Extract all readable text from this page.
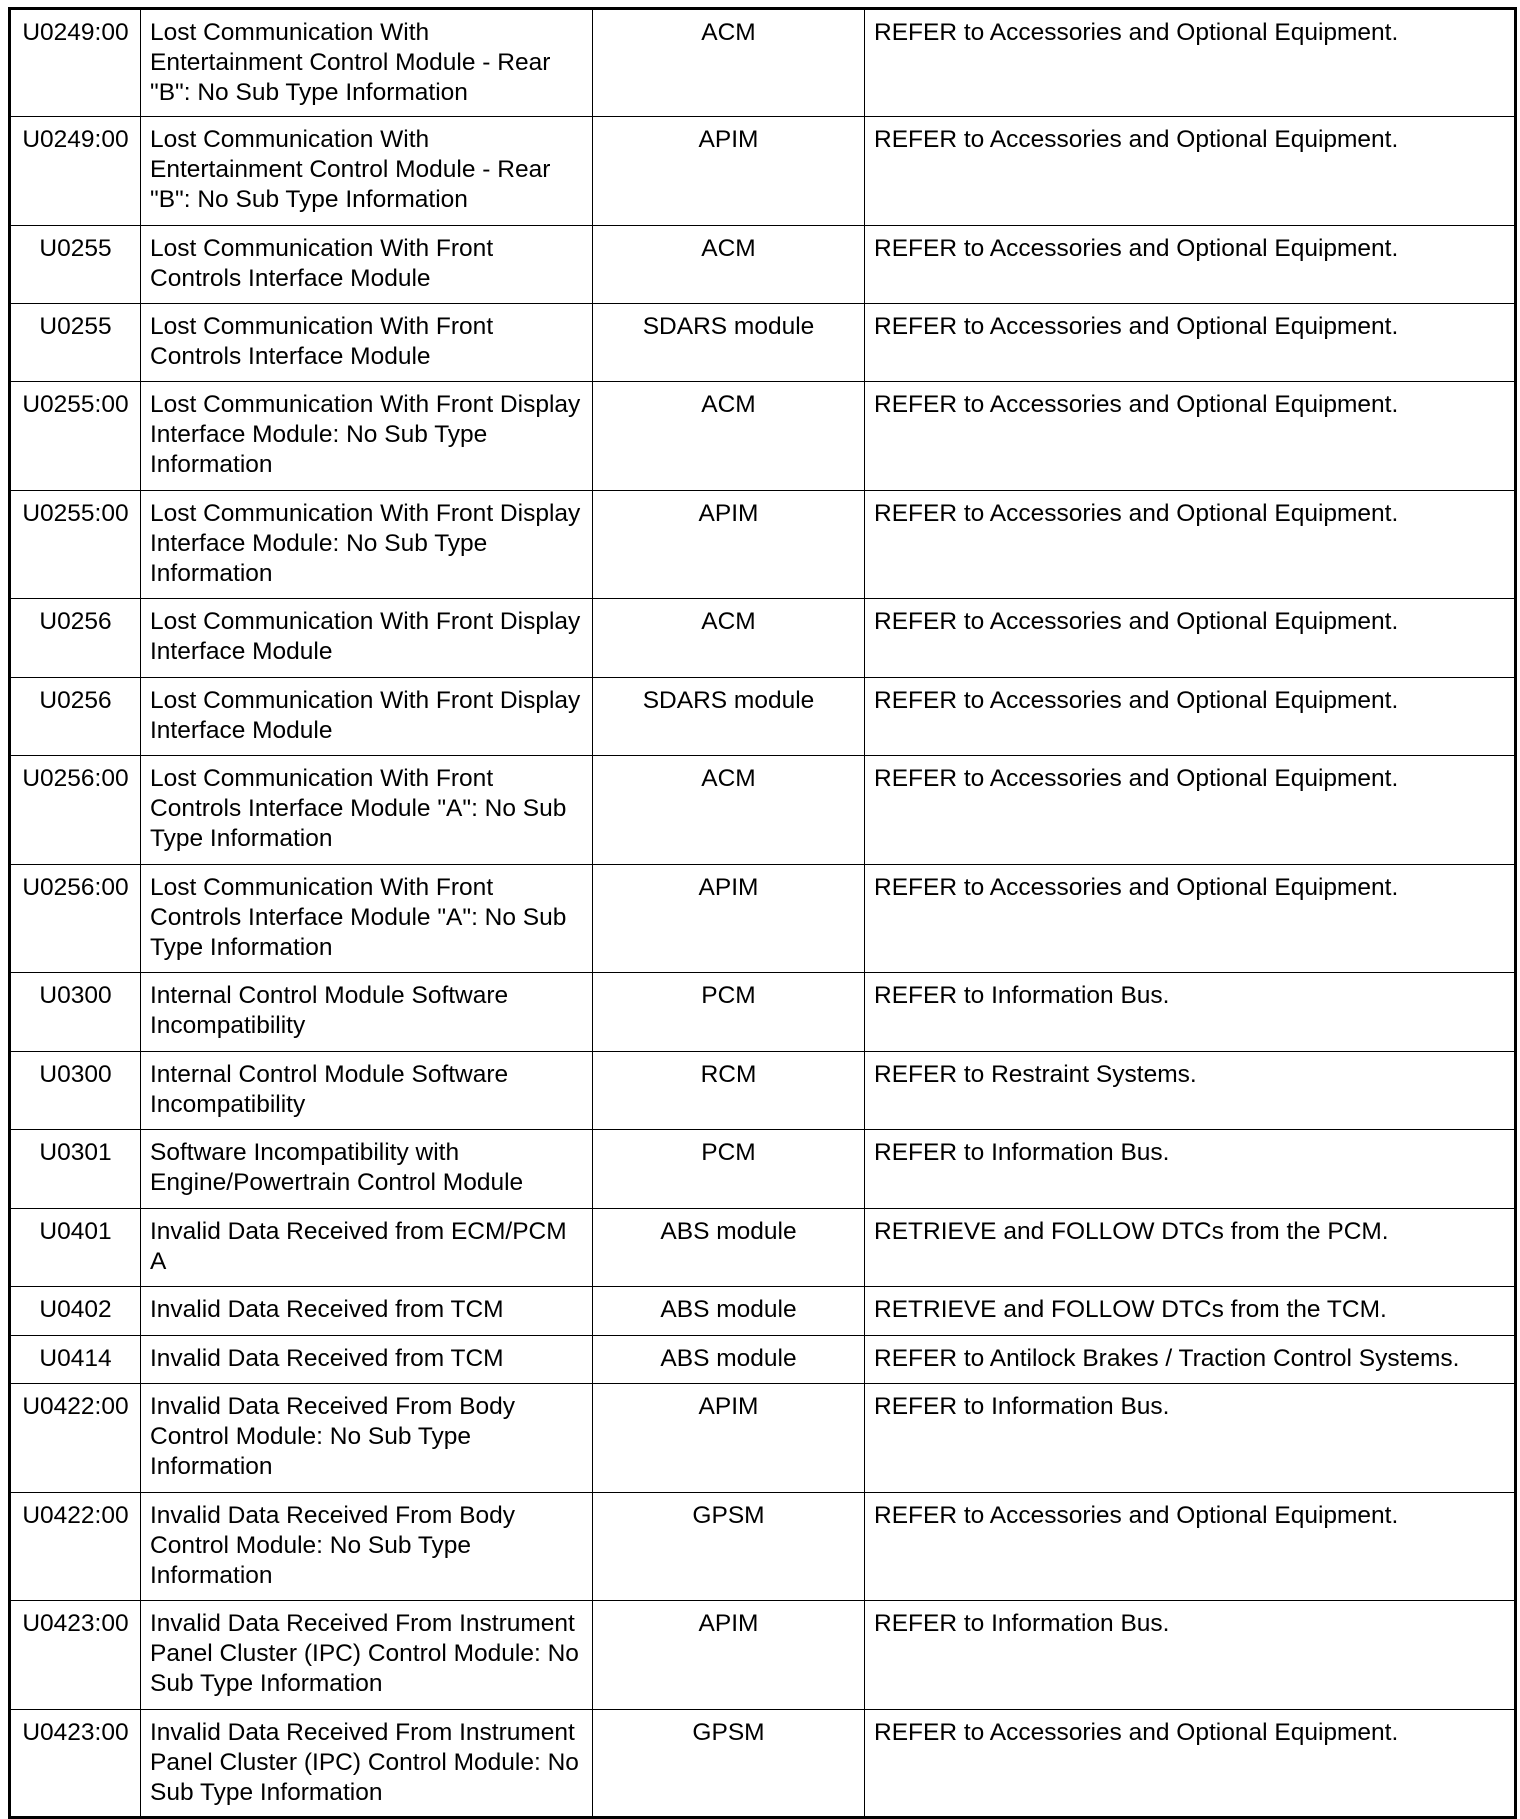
U0249:00	Lost Communication With Entertainment Control Module - Rear "B": No Sub Type Information	ACM	REFER to Accessories and Optional Equipment.
U0249:00	Lost Communication With Entertainment Control Module - Rear "B": No Sub Type Information	APIM	REFER to Accessories and Optional Equipment.
U0255	Lost Communication With Front Controls Interface Module	ACM	REFER to Accessories and Optional Equipment.
U0255	Lost Communication With Front Controls Interface Module	SDARS module	REFER to Accessories and Optional Equipment.
U0255:00	Lost Communication With Front Display Interface Module: No Sub Type Information	ACM	REFER to Accessories and Optional Equipment.
U0255:00	Lost Communication With Front Display Interface Module: No Sub Type Information	APIM	REFER to Accessories and Optional Equipment.
U0256	Lost Communication With Front Display Interface Module	ACM	REFER to Accessories and Optional Equipment.
U0256	Lost Communication With Front Display Interface Module	SDARS module	REFER to Accessories and Optional Equipment.
U0256:00	Lost Communication With Front Controls Interface Module "A": No Sub Type Information	ACM	REFER to Accessories and Optional Equipment.
U0256:00	Lost Communication With Front Controls Interface Module "A": No Sub Type Information	APIM	REFER to Accessories and Optional Equipment.
U0300	Internal Control Module Software Incompatibility	PCM	REFER to Information Bus.
U0300	Internal Control Module Software Incompatibility	RCM	REFER to Restraint Systems.
U0301	Software Incompatibility with Engine/Powertrain Control Module	PCM	REFER to Information Bus.
U0401	Invalid Data Received from ECM/PCM A	ABS module	RETRIEVE and FOLLOW DTCs from the PCM.
U0402	Invalid Data Received from TCM	ABS module	RETRIEVE and FOLLOW DTCs from the TCM.
U0414	Invalid Data Received from TCM	ABS module	REFER to Antilock Brakes / Traction Control Systems.
U0422:00	Invalid Data Received From Body Control Module: No Sub Type Information	APIM	REFER to Information Bus.
U0422:00	Invalid Data Received From Body Control Module: No Sub Type Information	GPSM	REFER to Accessories and Optional Equipment.
U0423:00	Invalid Data Received From Instrument Panel Cluster (IPC) Control Module: No Sub Type Information	APIM	REFER to Information Bus.
U0423:00	Invalid Data Received From Instrument Panel Cluster (IPC) Control Module: No Sub Type Information	GPSM	REFER to Accessories and Optional Equipment.
